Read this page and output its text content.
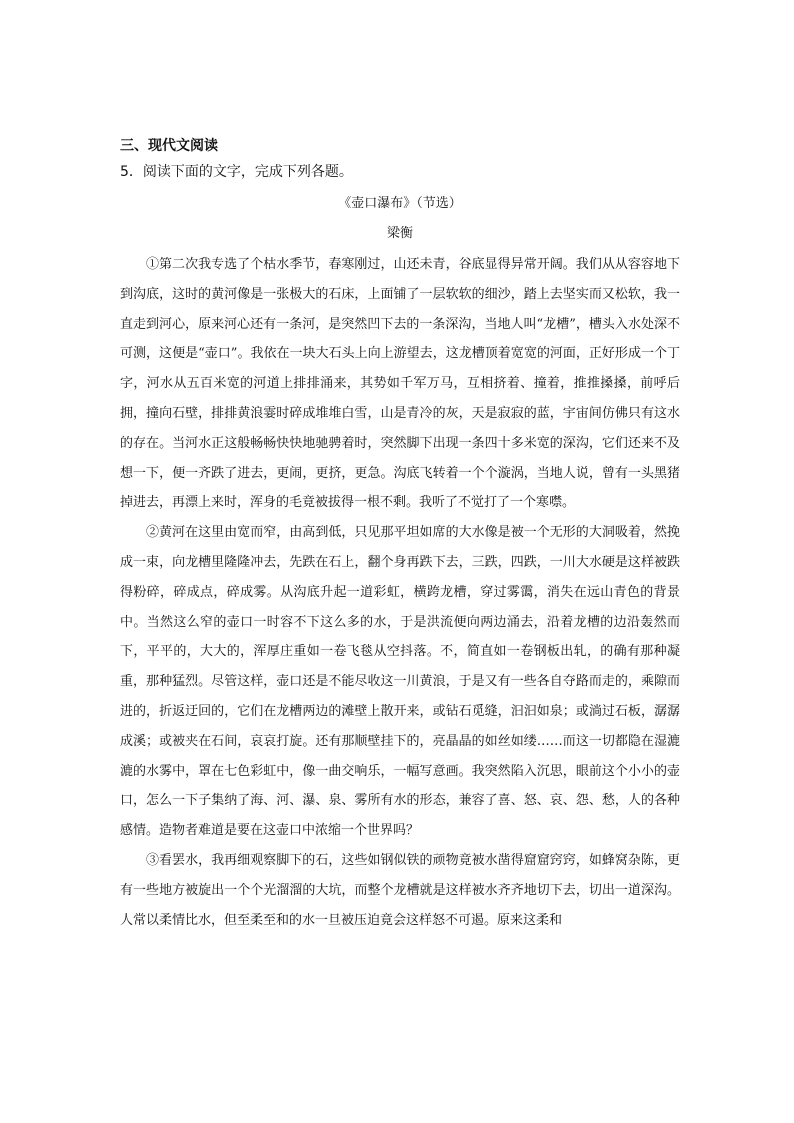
三、现代文阅读
5．阅读下面的文字，完成下列各题。
《壶口瀑布》（节选）
梁衡

①第二次我专选了个枯水季节，春寒刚过，山还未青，谷底显得异常开阔。我们从从容容地下到沟底，这时的黄河像是一张极大的石床，上面铺了一层软软的细沙，踏上去坚实而又松软，我一直走到河心，原来河心还有一条河，是突然凹下去的一条深沟，当地人叫“龙槽”，槽头入水处深不可测，这便是“壶口”。我依在一块大石头上向上游望去，这龙槽顶着宽宽的河面，正好形成一个丁字，河水从五百米宽的河道上排排涌来，其势如千军万马，互相挤着、撞着，推推搡搡，前呼后拥，撞向石壁，排排黄浪霎时碎成堆堆白雪，山是青冷的灰，天是寂寂的蓝，宇宙间仿佛只有这水的存在。当河水正这般畅畅快快地驰骋着时，突然脚下出现一条四十多米宽的深沟，它们还来不及想一下，便一齐跌了进去，更闹，更挤，更急。沟底飞转着一个个漩涡，当地人说，曾有一头黑猪掉进去，再漂上来时，浑身的毛竟被拔得一根不剩。我听了不觉打了一个寒噤。

②黄河在这里由宽而窄，由高到低，只见那平坦如席的大水像是被一个无形的大洞吸着，然挽成一束，向龙槽里隆隆冲去，先跌在石上，翻个身再跌下去，三跌，四跌，一川大水硬是这样被跌得粉碎，碎成点，碎成雾。从沟底升起一道彩虹，横跨龙槽，穿过雾霭，消失在远山青色的背景中。当然这么窄的壶口一时容不下这么多的水，于是洪流便向两边涌去，沿着龙槽的边沿轰然而下，平平的，大大的，浑厚庄重如一卷飞毯从空抖落。不，简直如一卷钢板出轧，的确有那种凝重，那种猛烈。尽管这样，壶口还是不能尽收这一川黄浪，于是又有一些各自夺路而走的，乘隙而进的，折返迂回的，它们在龙槽两边的滩壁上散开来，或钻石觅缝，汩汩如泉；或淌过石板，潺潺成溪；或被夹在石间，哀哀打旋。还有那顺壁挂下的，亮晶晶的如丝如缕……而这一切都隐在湿漉漉的水雾中，罩在七色彩虹中，像一曲交响乐，一幅写意画。我突然陷入沉思，眼前这个小小的壶口，怎么一下子集纳了海、河、瀑、泉、雾所有水的形态，兼容了喜、怒、哀、怨、愁，人的各种感情。造物者难道是要在这壶口中浓缩一个世界吗？

③看罢水，我再细观察脚下的石，这些如钢似铁的顽物竟被水凿得窟窟窍窍，如蜂窝杂陈，更有一些地方被旋出一个个光溜溜的大坑，而整个龙槽就是这样被水齐齐地切下去，切出一道深沟。人常以柔情比水，但至柔至和的水一旦被压迫竟会这样怒不可遏。原来这柔和
